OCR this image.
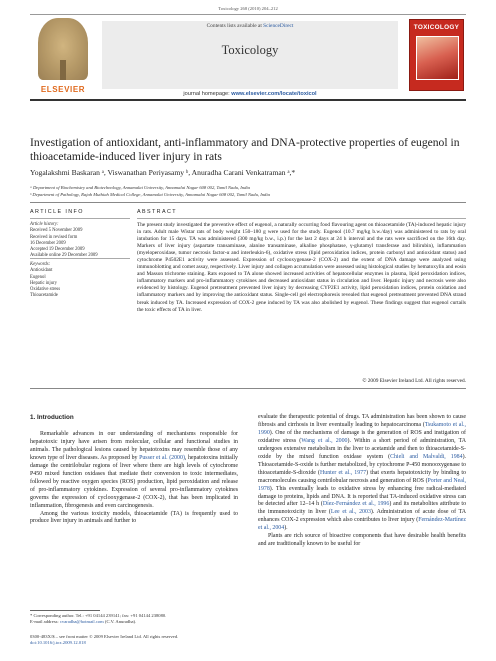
Toxicology 268 (2010) 204–212
ELSEVIER
Contents lists available at ScienceDirect
Toxicology
journal homepage: www.elsevier.com/locate/toxicol
TOXICOLOGY
Investigation of antioxidant, anti-inflammatory and DNA-protective properties of eugenol in thioacetamide-induced liver injury in rats
Yogalakshmi Baskaran ᵃ, Viswanathan Periyasamy ᵇ, Anuradha Carani Venkatraman ᵃ,*
ᵃ Department of Biochemistry and Biotechnology, Annamalai University, Annamalai Nagar 608 002, Tamil Nadu, India
ᵇ Department of Pathology, Rajah Muthiah Medical College, Annamalai University, Annamalai Nagar 608 002, Tamil Nadu, India
ARTICLE INFO	ABSTRACT
Article history:
Received 5 November 2009
Received in revised form
16 December 2009
Accepted 19 December 2009
Available online 29 December 2009
Keywords:
Antioxidant
Eugenol
Hepatic injury
Oxidative stress
Thioacetamide
The present study investigated the preventive effect of eugenol, a naturally occurring food flavouring agent on thioacetamide (TA)-induced hepatic injury in rats. Adult male Wistar rats of body weight 150–180 g were used for the study. Eugenol (10.7 mg/kg b.w./day) was administered to rats by oral intubation for 15 days. TA was administered (300 mg/kg b.w., i.p.) for the last 2 days at 24 h interval and the rats were sacrificed on the 16th day. Markers of liver injury (aspartate transaminase, alanine transaminase, alkaline phosphatase, γ-glutamyl transferase and bilirubin), inflammation (myeloperoxidase, tumor necrosis factor-α and interleukin-6), oxidative stress (lipid peroxidation indices, protein carbonyl and antioxidant status) and cytochrome P4502E1 activity were assessed. Expression of cyclooxygenase-2 (COX-2) and the extent of DNA damage were analyzed using immunoblotting and comet assay, respectively. Liver injury and collagen accumulation were assessed using histological studies by hematoxylin and eosin and Masson trichrome staining. Rats exposed to TA alone showed increased activities of hepatocellular enzymes in plasma, lipid peroxidation indices, inflammatory markers and pro-inflammatory cytokines and decreased antioxidant status in circulation and liver. Hepatic injury and necrosis were also evidenced by histology. Eugenol pretreatment prevented liver injury by decreasing CYP2E1 activity, lipid peroxidation indices, protein oxidation and inflammatory markers and by improving the antioxidant status. Single-cell gel electrophoresis revealed that eugenol pretreatment prevented DNA strand break induced by TA. Increased expression of COX-2 gene induced by TA was also abolished by eugenol. These findings suggest that eugenol curtails the toxic effects of TA in liver.
© 2009 Elsevier Ireland Ltd. All rights reserved.
1. Introduction

Remarkable advances in our understanding of mechanisms responsible for hepatotoxic injury have arisen from molecular, cellular and functional studies in animals. The pathological lesions caused by hepatotoxins may resemble those of any known type of liver diseases. As proposed by Pusser et al. (2000), hepatotoxins initially damage the centrilobular regions of liver where there are high levels of cytochrome P450 mixed function oxidases that mediate their conversion to toxic intermediates, followed by reactive oxygen species (ROS) production, lipid peroxidation and release of pro-inflammatory cytokines. Expression of several pro-inflammatory cytokines governs the expression of cyclooxygenase-2 (COX-2), that has been implicated in inflammation, fibrogenesis and even carcinogenesis.

Among the various toxicity models, thioacetamide (TA) is frequently used to produce liver injury in animals and further to

evaluate the therapeutic potential of drugs. TA administration has been shown to cause fibrosis and cirrhosis in liver eventually leading to hepatocarcinoma (Tsukamoto et al., 1990). One of the mechanisms of damage is the generation of ROS and instigation of oxidative stress (Wang et al., 2000). Within a short period of administration, TA undergoes extensive metabolism in the liver to acetamide and then to thioacetamide-S-oxide by the mixed function oxidase system (Chieli and Malvaldi, 1984). Thioacetamide-S-oxide is further metabolized, by cytochrome P-450 monooxygenase to thioacetamide-S-dioxide (Hunter et al., 1977) that exerts hepatotoxicity by binding to macromolecules causing centrilobular necrosis and generation of ROS (Porter and Neal, 1978). This eventually leads to oxidative stress by enhancing free radical-mediated damage to proteins, lipids and DNA. It is reported that TA-induced oxidative stress can be detected after 12–14 h (Díez-Fernández et al., 1996) and its metabolites attribute to the immunotoxicity in liver (Lee et al., 2003). Administration of acute dose of TA enhances COX-2 expression which also contributes to liver injury (Fernández-Martínez et al., 2004).

Plants are rich source of bioactive components that have desirable health benefits and are traditionally known to be useful for

* Corresponding author. Tel.: +91 04144 239141; fax: +91 04144 238080.
E-mail address: cvaradha@hotmail.com (C.V. Anuradha).
0300-483X/$ – see front matter © 2009 Elsevier Ireland Ltd. All rights reserved.
doi:10.1016/j.tox.2009.12.018
